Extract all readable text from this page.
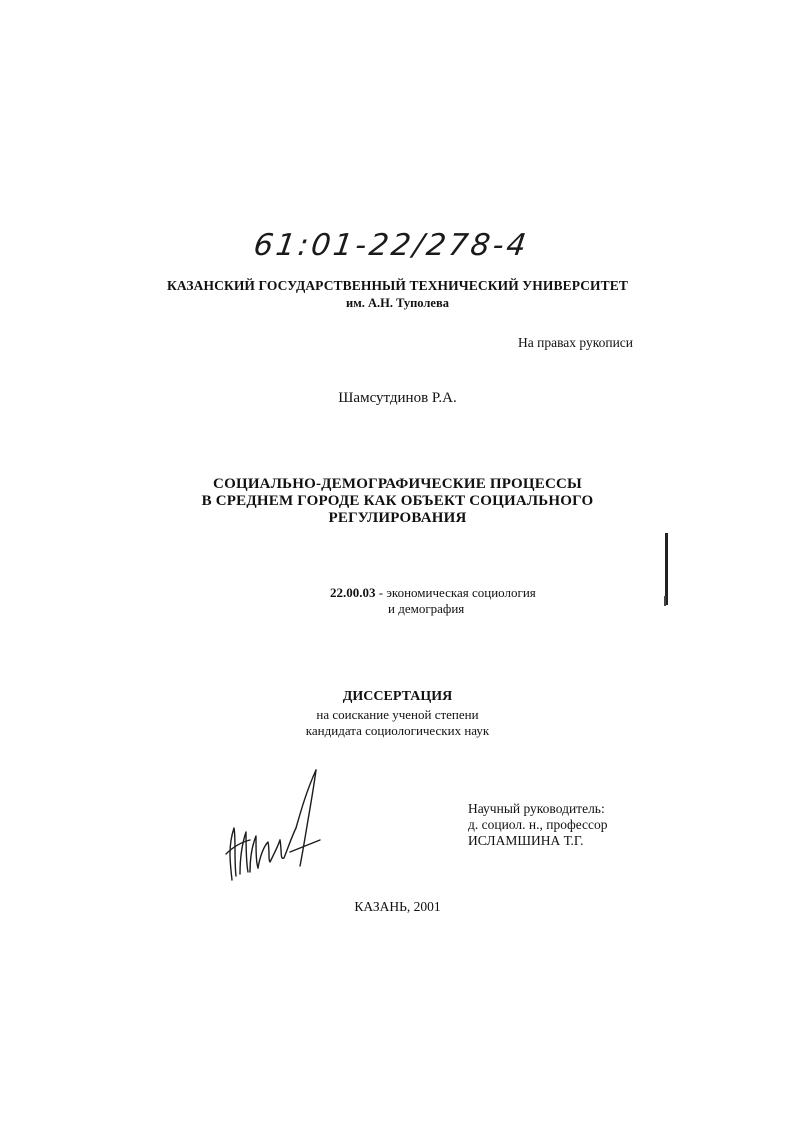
61:01-22/278-4
КАЗАНСКИЙ ГОСУДАРСТВЕННЫЙ ТЕХНИЧЕСКИЙ УНИВЕРСИТЕТ
им. А.Н. Туполева
На правах рукописи
Шамсутдинов Р.А.
СОЦИАЛЬНО-ДЕМОГРАФИЧЕСКИЕ ПРОЦЕССЫ
В СРЕДНЕМ ГОРОДЕ КАК ОБЪЕКТ СОЦИАЛЬНОГО
РЕГУЛИРОВАНИЯ
22.00.03 - экономическая социология
и демография
ДИССЕРТАЦИЯ
на соискание ученой степени
кандидата социологических наук
Научный руководитель:
д. социол. н., профессор
ИСЛАМШИНА Т.Г.
КАЗАНЬ, 2001
